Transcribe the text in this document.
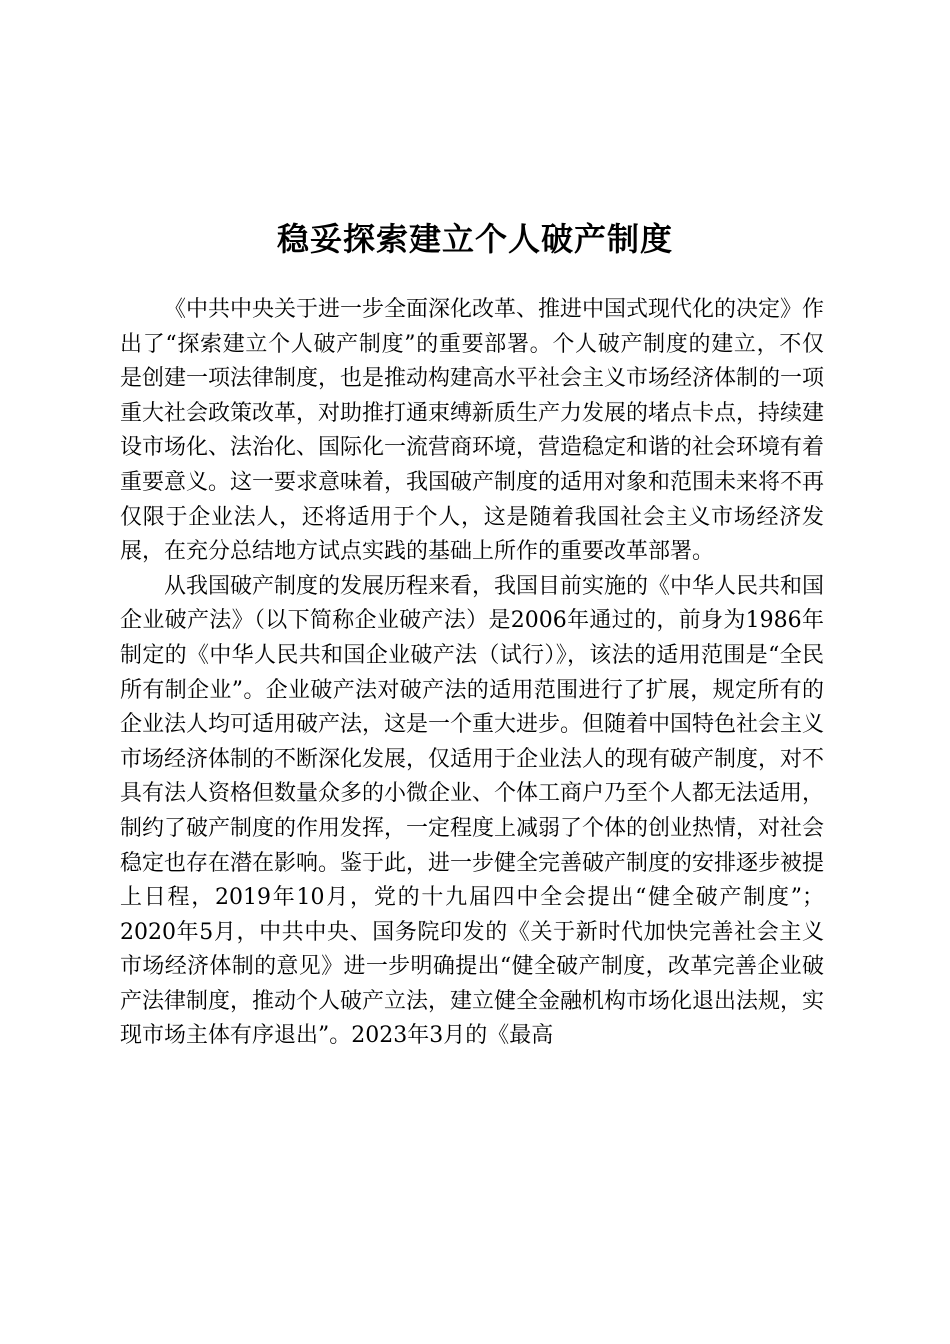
稳妥探索建立个人破产制度

《中共中央关于进一步全面深化改革、推进中国式现代化的决定》作出了“探索建立个人破产制度”的重要部署。个人破产制度的建立，不仅是创建一项法律制度，也是推动构建高水平社会主义市场经济体制的一项重大社会政策改革，对助推打通束缚新质生产力发展的堵点卡点，持续建设市场化、法治化、国际化一流营商环境，营造稳定和谐的社会环境有着重要意义。这一要求意味着，我国破产制度的适用对象和范围未来将不再仅限于企业法人，还将适用于个人，这是随着我国社会主义市场经济发展，在充分总结地方试点实践的基础上所作的重要改革部署。

从我国破产制度的发展历程来看，我国目前实施的《中华人民共和国企业破产法》（以下简称企业破产法）是2006年通过的，前身为1986年制定的《中华人民共和国企业破产法（试行）》，该法的适用范围是“全民所有制企业”。企业破产法对破产法的适用范围进行了扩展，规定所有的企业法人均可适用破产法，这是一个重大进步。但随着中国特色社会主义市场经济体制的不断深化发展，仅适用于企业法人的现有破产制度，对不具有法人资格但数量众多的小微企业、个体工商户乃至个人都无法适用，制约了破产制度的作用发挥，一定程度上减弱了个体的创业热情，对社会稳定也存在潜在影响。鉴于此，进一步健全完善破产制度的安排逐步被提上日程，2019年10月，党的十九届四中全会提出“健全破产制度”；2020年5月，中共中央、国务院印发的《关于新时代加快完善社会主义市场经济体制的意见》进一步明确提出“健全破产制度，改革完善企业破产法律制度，推动个人破产立法，建立健全金融机构市场化退出法规，实现市场主体有序退出”。2023年3月的《最高
